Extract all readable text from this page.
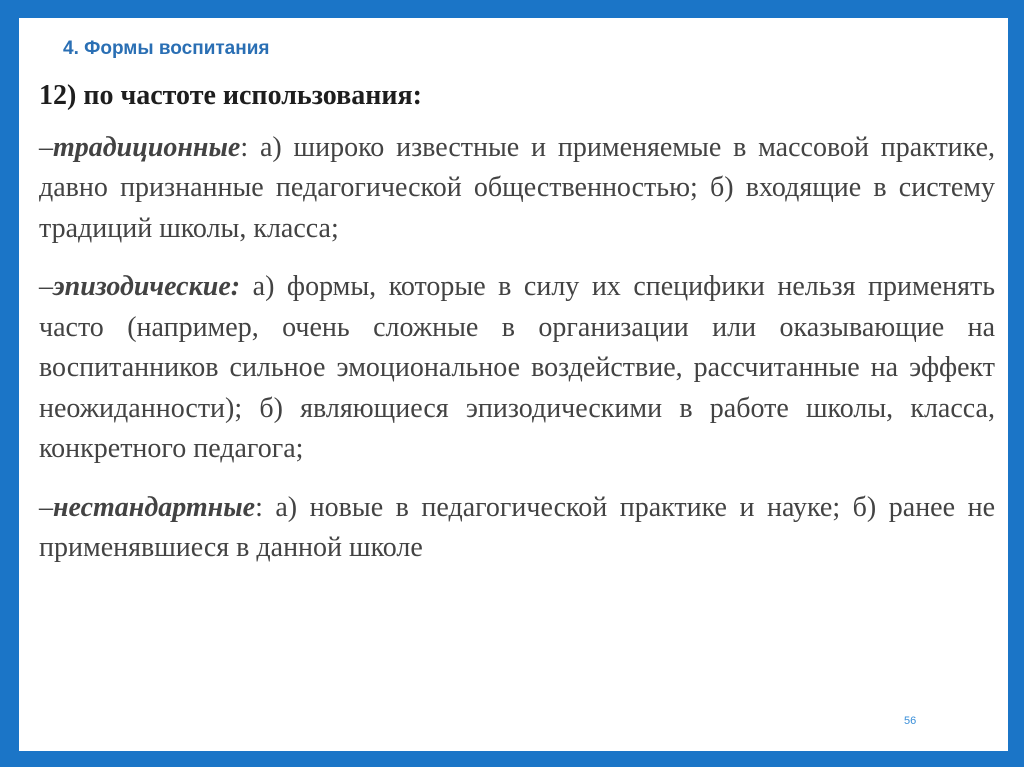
4. Формы воспитания
12) по частоте использования:
–традиционные: а) широко известные и применяемые в массовой практике, давно признанные педагогической общественностью; б) входящие в систему традиций школы, класса;
–эпизодические: а) формы, которые в силу их специфики нельзя применять часто (например, очень сложные в организации или оказывающие на воспитанников сильное эмоциональное воздействие, рассчитанные на эффект неожиданности); б) являющиеся эпизодическими в работе школы, класса, конкретного педагога;
–нестандартные: а) новые в педагогической практике и науке; б) ранее не применявшиеся в данной школе
56
